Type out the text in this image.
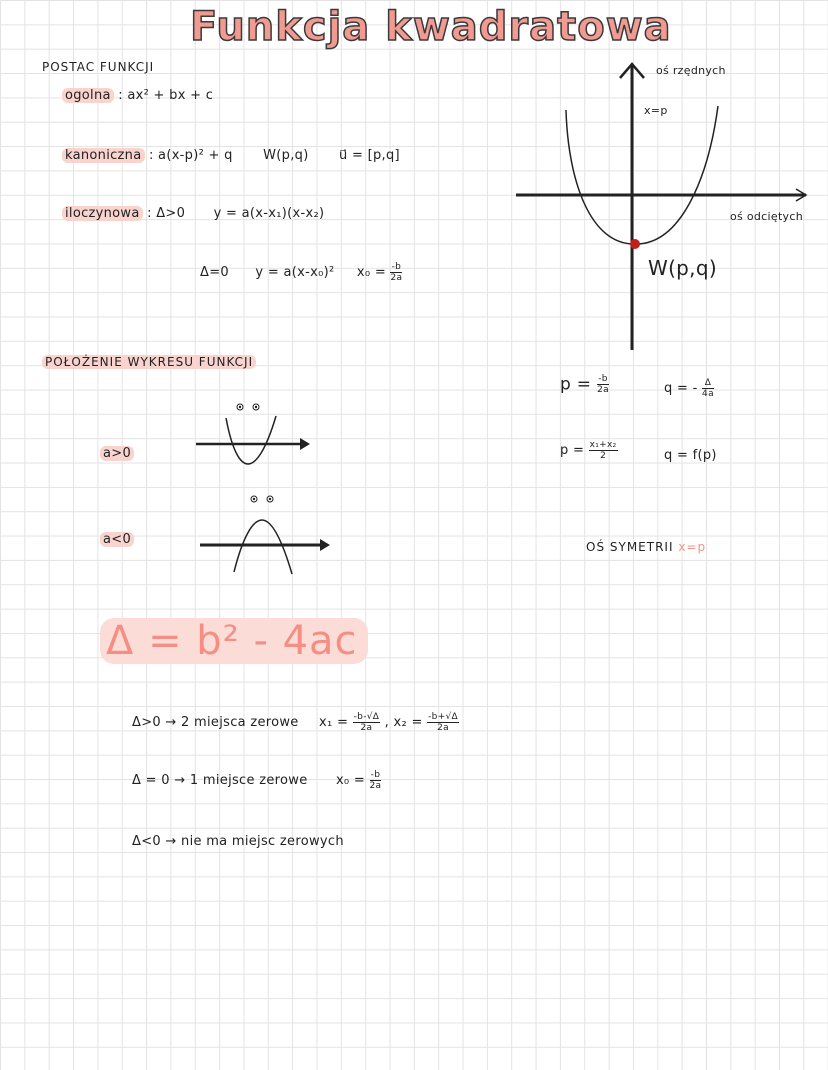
Funkcja kwadratowa
POSTAC FUNKCJI
ogolna : ax² + bx + c
kanoniczna : a(x-p)² + q W(p,q) u⃗ = [p,q]
iloczynowa : Δ>0 y = a(x-x₁)(x-x₂)
Δ=0 y = a(x-x₀)² $x_0 = \frac{-b}{2a}$
POŁOŻENIE WYKRESU FUNKCJI
a>0
a<0
oś rzędnych
x=p
oś odciętych
W(p,q)
$p = \frac{-b}{2a}$	q = - $\frac{\Delta}{4a}$
$p = \frac{\text{x₁+x₂}}{2}$	q = f(p)
OŚ SYMETRII x=p
Δ = b² - 4ac
Δ>0 → 2 miejsca zerowe $x_1 = \frac{-b-√\Delta}{2a}$ , $x_2 = \frac{-b+√\Delta}{2a}$
Δ = 0 → 1 miejsce zerowe $x_0 = \frac{-b}{2a}$
Δ<0 → nie ma miejsc zerowych
